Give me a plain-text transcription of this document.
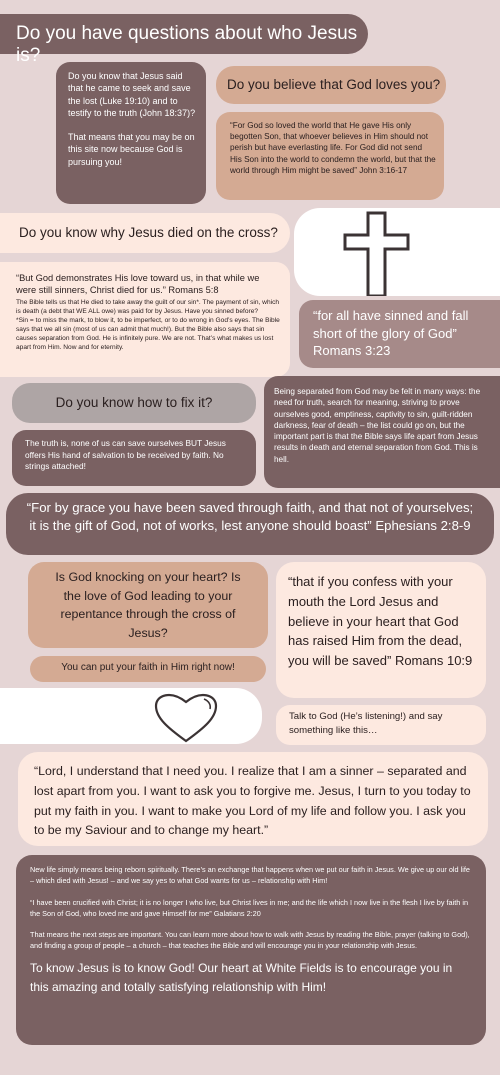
Do you have questions about who Jesus is?

Do you know that Jesus said that he came to seek and save the lost (Luke 19:10) and to testify to the truth (John 18:37)?

That means that you may be on this site now because God is pursuing you!

Do you believe that God loves you?

“For God so loved the world that He gave His only begotten Son, that whoever believes in Him should not perish but have everlasting life. For God did not send His Son into the world to condemn the world, but that the world through Him might be saved” John 3:16-17

Do you know why Jesus died on the cross?

“But God demonstrates His love toward us, in that while we were still sinners, Christ died for us.” Romans 5:8

The Bible tells us that He died to take away the guilt of our sin*. The payment of sin, which is death (a debt that WE ALL owe) was paid for by Jesus. Have you sinned before?

*Sin = to miss the mark, to blow it, to be imperfect, or to do wrong in God’s eyes. The Bible says that we all sin (most of us can admit that much!). But the Bible also says that sin causes separation from God. He is infinitely pure. We are not. That’s what makes us lost apart from Him. Now and for eternity.

“for all have sinned and fall short of the glory of God” Romans 3:23

Do you know how to fix it?

The truth is, none of us can save ourselves BUT Jesus offers His hand of salvation to be received by faith. No strings attached!

Being separated from God may be felt in many ways: the need for truth, search for meaning, striving to prove ourselves good, emptiness, captivity to sin, guilt-ridden darkness, fear of death – the list could go on, but the important part is that the Bible says life apart from Jesus results in death and eternal separation from God. This is hell.

“For by grace you have been saved through faith, and that not of yourselves; it is the gift of God, not of works, lest anyone should boast” Ephesians 2:8-9

Is God knocking on your heart? Is the love of God leading to your repentance through the cross of Jesus?

“that if you confess with your mouth the Lord Jesus and believe in your heart that God has raised Him from the dead, you will be saved” Romans 10:9

You can put your faith in Him right now!

Talk to God (He’s listening!) and say something like this…

“Lord, I understand that I need you. I realize that I am a sinner – separated and lost apart from you. I want to ask you to forgive me. Jesus, I turn to you today to put my faith in you. I want to make you Lord of my life and follow you. I ask you to be my Saviour and to change my heart.”

New life simply means being reborn spiritually. There’s an exchange that happens when we put our faith in Jesus. We give up our old life – which died with Jesus! – and we say yes to what God wants for us – relationship with Him!

“I have been crucified with Christ; it is no longer I who live, but Christ lives in me; and the life which I now live in the flesh I live by faith in the Son of God, who loved me and gave Himself for me” Galatians 2:20

That means the next steps are important. You can learn more about how to walk with Jesus by reading the Bible, prayer (talking to God), and finding a group of people – a church – that teaches the Bible and will encourage you in your relationship with Jesus.

To know Jesus is to know God! Our heart at White Fields is to encourage you in this amazing and totally satisfying relationship with Him!
